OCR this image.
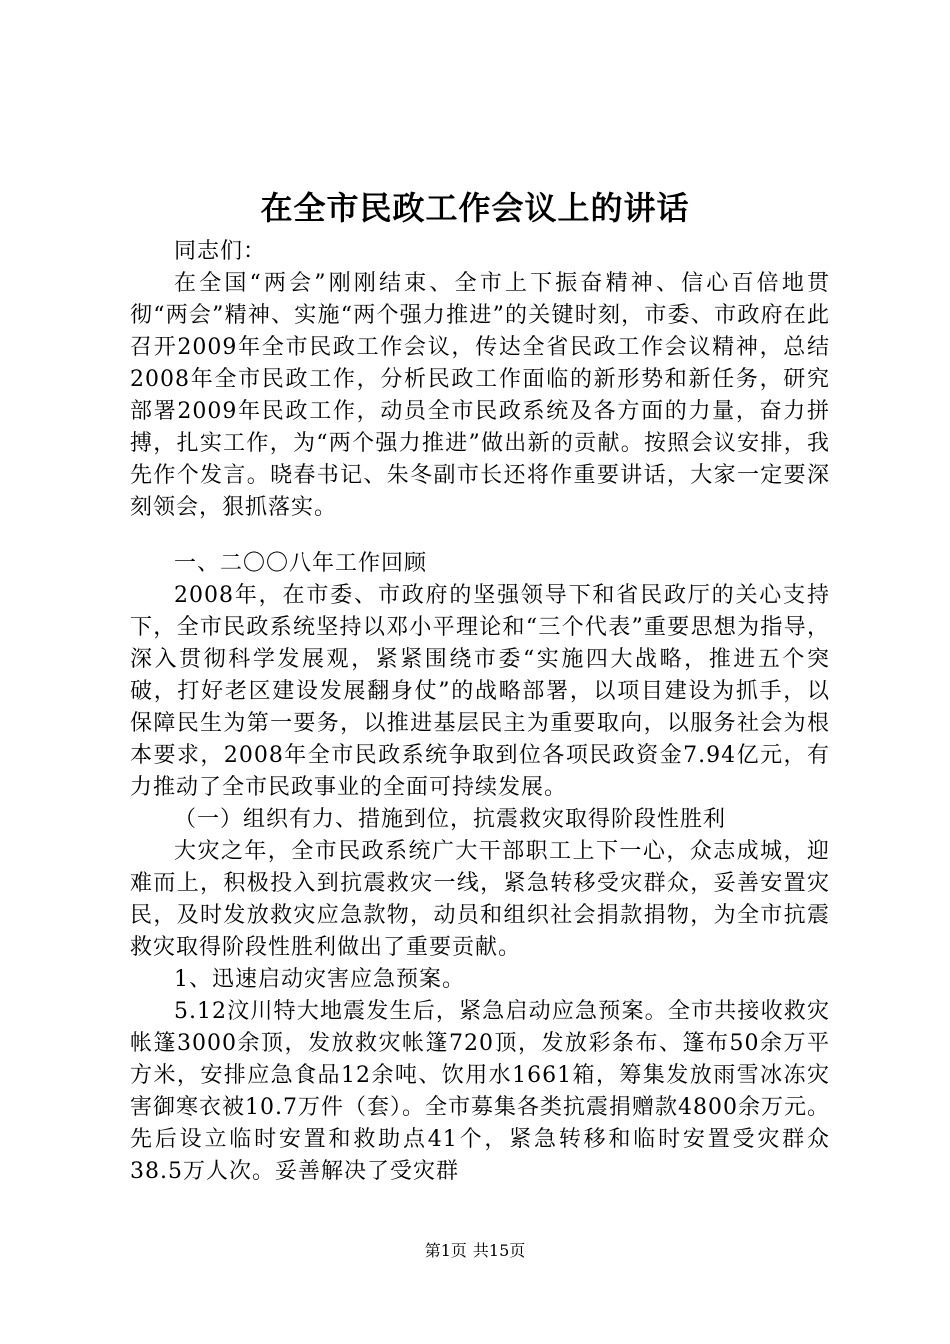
在全市民政工作会议上的讲话

同志们：

在全国“两会”刚刚结束、全市上下振奋精神、信心百倍地贯彻“两会”精神、实施“两个强力推进”的关键时刻，市委、市政府在此召开2009年全市民政工作会议，传达全省民政工作会议精神，总结2008年全市民政工作，分析民政工作面临的新形势和新任务，研究部署2009年民政工作，动员全市民政系统及各方面的力量，奋力拼搏，扎实工作，为“两个强力推进”做出新的贡献。按照会议安排，我先作个发言。晓春书记、朱冬副市长还将作重要讲话，大家一定要深刻领会，狠抓落实。

一、二〇〇八年工作回顾

2008年，在市委、市政府的坚强领导下和省民政厅的关心支持下，全市民政系统坚持以邓小平理论和“三个代表”重要思想为指导，深入贯彻科学发展观，紧紧围绕市委“实施四大战略，推进五个突破，打好老区建设发展翻身仗”的战略部署，以项目建设为抓手，以保障民生为第一要务，以推进基层民主为重要取向，以服务社会为根本要求，2008年全市民政系统争取到位各项民政资金7.94亿元，有力推动了全市民政事业的全面可持续发展。

（一）组织有力、措施到位，抗震救灾取得阶段性胜利

大灾之年，全市民政系统广大干部职工上下一心，众志成城，迎难而上，积极投入到抗震救灾一线，紧急转移受灾群众，妥善安置灾民，及时发放救灾应急款物，动员和组织社会捐款捐物，为全市抗震救灾取得阶段性胜利做出了重要贡献。

1、迅速启动灾害应急预案。

5.12汶川特大地震发生后，紧急启动应急预案。全市共接收救灾帐篷3000余顶，发放救灾帐篷720顶，发放彩条布、篷布50余万平方米，安排应急食品12余吨、饮用水1661箱，筹集发放雨雪冰冻灾害御寒衣被10.7万件（套）。全市募集各类抗震捐赠款4800余万元。先后设立临时安置和救助点41个，紧急转移和临时安置受灾群众38.5万人次。妥善解决了受灾群

第1页 共15页
